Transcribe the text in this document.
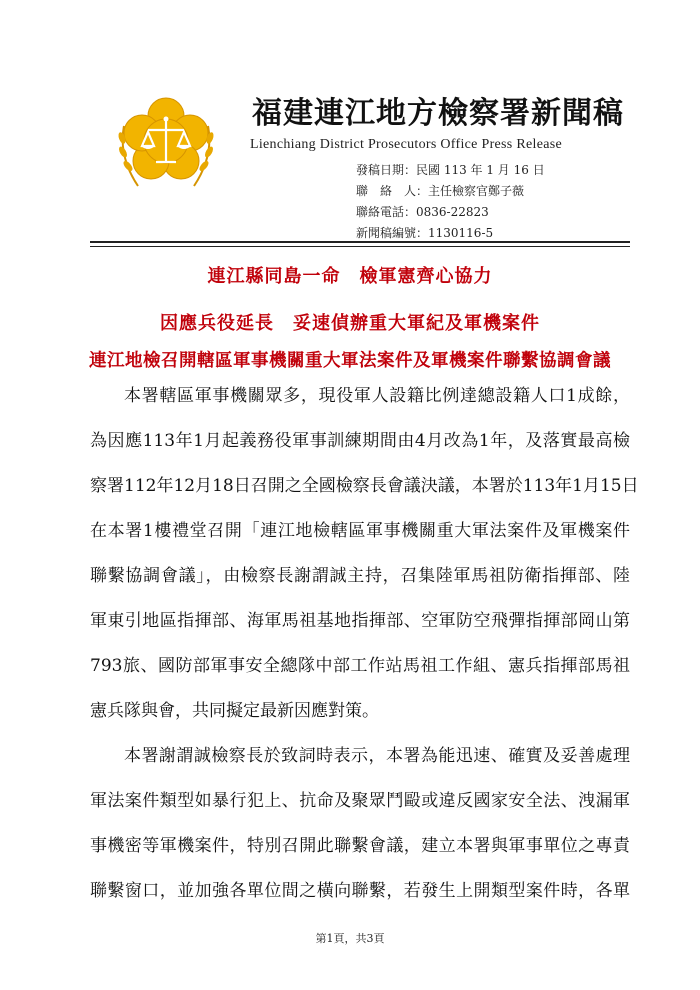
福建連江地方檢察署新聞稿
Lienchiang District Prosecutors Office Press Release
發稿日期：民國 113 年 1 月 16 日
聯　絡　人：主任檢察官鄭子薇
聯絡電話：0836-22823
新聞稿編號：1130116-5
連江縣同島一命　檢軍憲齊心協力
因應兵役延長　妥速偵辦重大軍紀及軍機案件
連江地檢召開轄區軍事機關重大軍法案件及軍機案件聯繫協調會議
本署轄區軍事機關眾多，現役軍人設籍比例達總設籍人口1成餘，
為因應113年1月起義務役軍事訓練期間由4月改為1年，及落實最高檢
察署112年12月18日召開之全國檢察長會議決議，本署於113年1月15日
在本署1樓禮堂召開「連江地檢轄區軍事機關重大軍法案件及軍機案件
聯繫協調會議」，由檢察長謝謂誠主持，召集陸軍馬祖防衛指揮部、陸
軍東引地區指揮部、海軍馬祖基地指揮部、空軍防空飛彈指揮部岡山第
793旅、國防部軍事安全總隊中部工作站馬祖工作組、憲兵指揮部馬祖
憲兵隊與會，共同擬定最新因應對策。
本署謝謂誠檢察長於致詞時表示，本署為能迅速、確實及妥善處理
軍法案件類型如暴行犯上、抗命及聚眾鬥毆或違反國家安全法、洩漏軍
事機密等軍機案件，特別召開此聯繫會議，建立本署與軍事單位之專責
聯繫窗口，並加強各單位間之橫向聯繫，若發生上開類型案件時，各單
第1頁，共3頁
